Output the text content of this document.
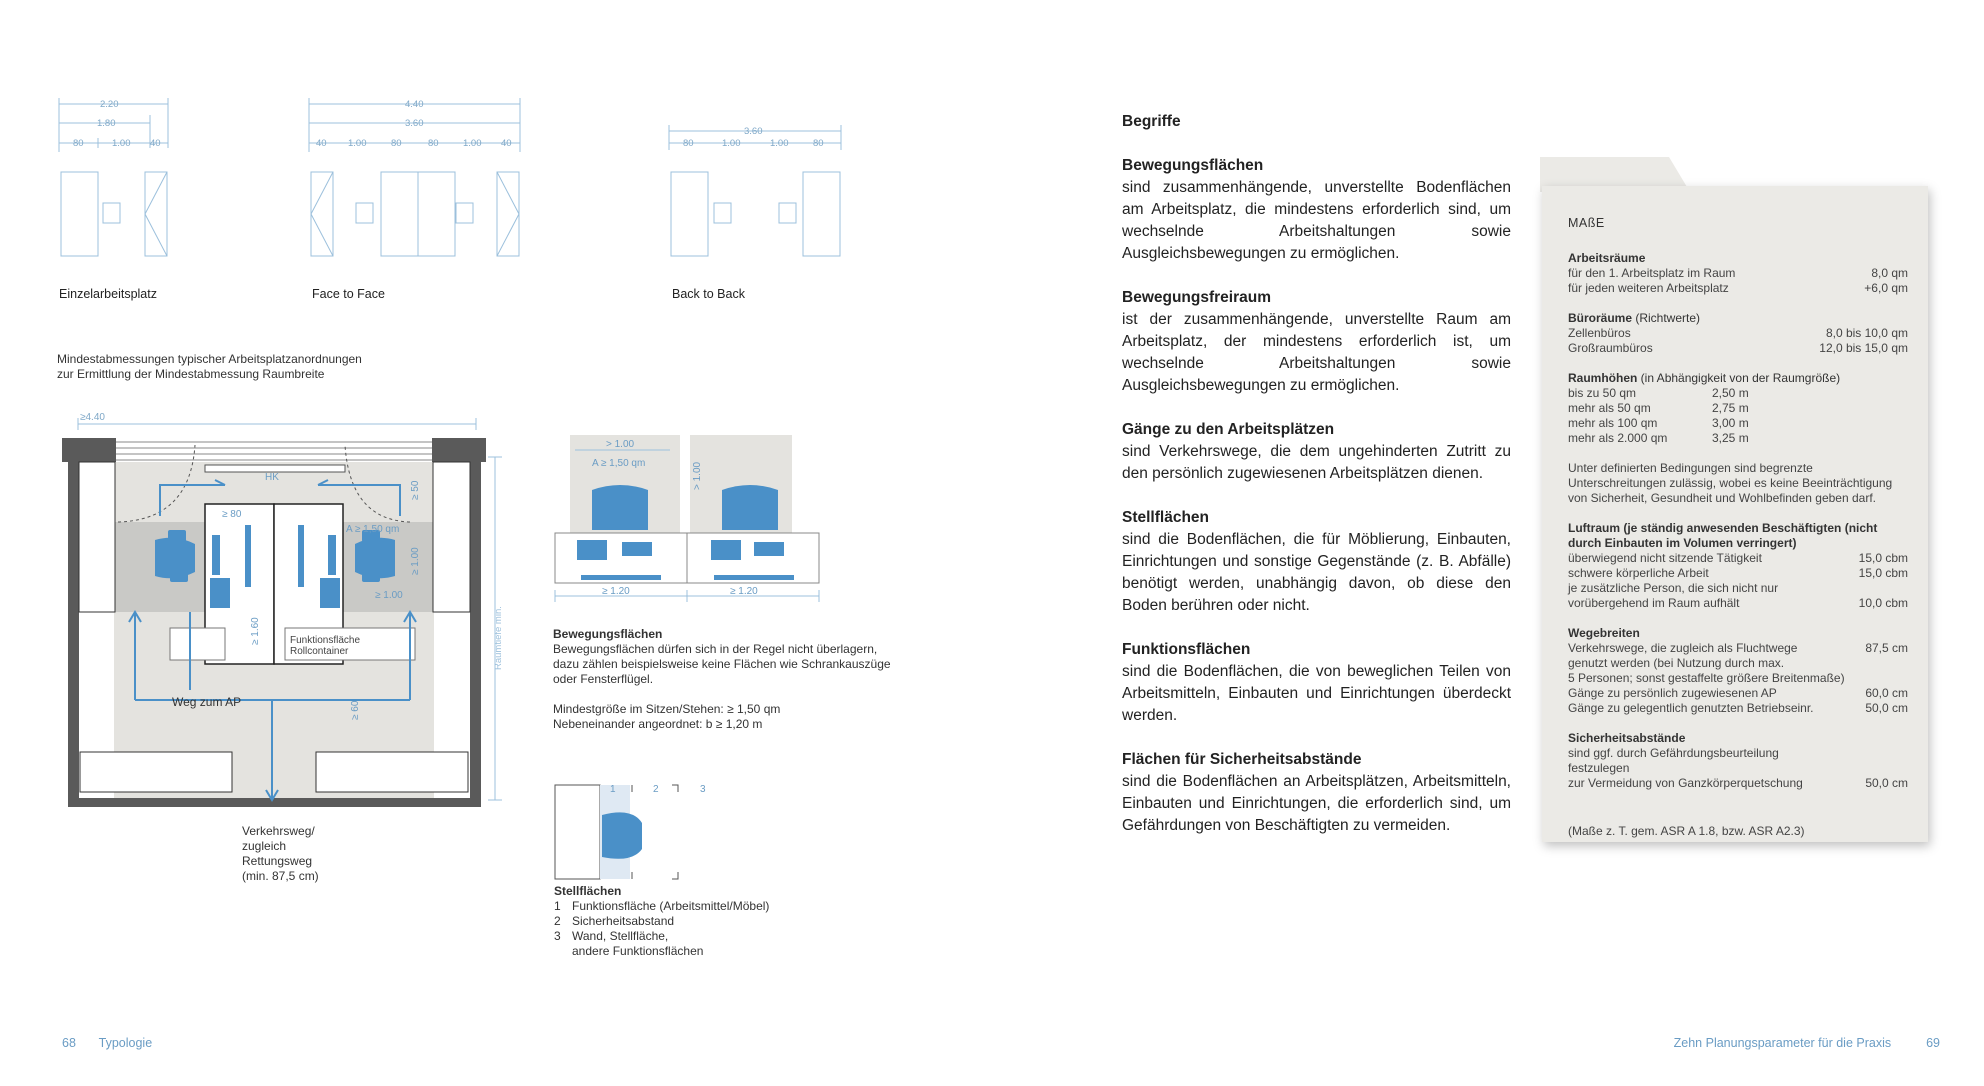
2.20
1.80
80	1.00 40
4.40
3.60
40 1.00	80	80	1.00 40
3.60
80	1.00	1.00	80
Einzelarbeitsplatz	Face to Face	Back to Back
Mindestabmessungen typischer Arbeitsplatzanordnungen
zur Ermittlung der Mindestabmessung Raumbreite
Weg zum AP
≥4.40
HK
≥ 80
A ≥ 1,50 qm
≥ 1.00
≥ 50
≥ 1.00
≥ 1.60
≥ 60
Raumtiefe min.
Funktionsfläche
Rollcontainer
Verkehrsweg/
zugleich
Rettungsweg
(min. 87,5 cm)
> 1.00
A ≥ 1,50 qm	> 1.00
≥ 1.20	≥ 1.20
Bewegungsflächen
Bewegungsflächen dürfen sich in der Regel nicht überlagern,
dazu zählen beispielsweise keine Flächen wie Schrankauszüge
oder Fensterflügel.
Mindestgröße im Sitzen/Stehen: ≥ 1,50 qm
Nebeneinander angeordnet: b ≥ 1,20 m
1	2	3
Stellflächen
1 Funktionsfläche (Arbeitsmittel/Möbel)
2 Sicherheitsabstand
3 Wand, Stellfläche,
andere Funktionsflächen
Begriffe
Bewegungsflächen

sind zusammenhängende, unverstellte Bodenflächen am Arbeitsplatz, die mindestens erforderlich sind, um wechselnde Arbeitshaltungen sowie Ausgleichsbewegungen zu ermöglichen.

Bewegungsfreiraum

ist der zusammenhängende, unverstellte Raum am Arbeitsplatz, der mindestens erforderlich ist, um wechselnde Arbeitshaltungen sowie Ausgleichsbewegungen zu ermöglichen.

Gänge zu den Arbeitsplätzen

sind Verkehrswege, die dem ungehinderten Zutritt zu den persönlich zugewiesenen Arbeitsplätzen dienen.

Stellflächen

sind die Bodenflächen, die für Möblierung, Einbauten, Einrichtungen und sonstige Gegenstände (z. B. Abfälle) benötigt werden, unabhängig davon, ob diese den Boden berühren oder nicht.

Funktionsflächen

sind die Bodenflächen, die von beweglichen Teilen von Arbeitsmitteln, Einbauten und Einrichtungen überdeckt werden.

Flächen für Sicherheitsabstände

sind die Bodenflächen an Arbeitsplätzen, Arbeitsmitteln, Einbauten und Einrichtungen, die erforderlich sind, um Gefährdungen von Beschäftigten zu vermeiden.

MAßE
Arbeitsräume
für den 1. Arbeitsplatz im Raum	8,0 qm
für jeden weiteren Arbeitsplatz	+6,0 qm
Büroräume (Richtwerte)
Zellenbüros	8,0 bis 10,0 qm
Großraumbüros	12,0 bis 15,0 qm
Raumhöhen (in Abhängigkeit von der Raumgröße)
bis zu 50 qm	2,50 m
mehr als 50 qm	2,75 m
mehr als 100 qm	3,00 m
mehr als 2.000 qm	3,25 m

Unter definierten Bedingungen sind begrenzte Unterschreitungen zulässig, wobei es keine Beeinträchtigung von Sicherheit, Gesundheit und Wohlbefinden geben darf.

Luftraum (je ständig anwesenden Beschäftigten (nicht durch Einbauten im Volumen verringert)
überwiegend nicht sitzende Tätigkeit	15,0 cbm
schwere körperliche Arbeit	15,0 cbm
je zusätzliche Person, die sich nicht nur
vorübergehend im Raum aufhält	10,0 cbm
Wegebreiten
Verkehrswege, die zugleich als Fluchtwege	87,5 cm
genutzt werden (bei Nutzung durch max.
5 Personen; sonst gestaffelte größere Breitenmaße)
Gänge zu persönlich zugewiesenen AP	60,0 cm
Gänge zu gelegentlich genutzten Betriebseinr.	50,0 cm
Sicherheitsabstände
sind ggf. durch Gefährdungsbeurteilung
festzulegen
zur Vermeidung von Ganzkörperquetschung	50,0 cm
(Maße z. T. gem. ASR A 1.8, bzw. ASR A2.3)
68 Typologie	Zehn Planungsparameter für die Praxis	69
